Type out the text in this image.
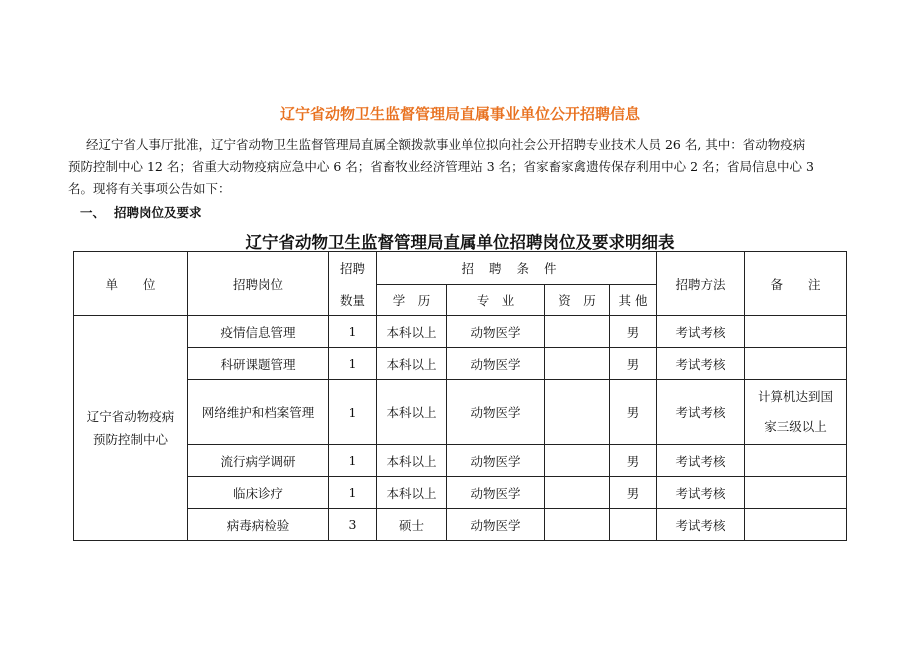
辽宁省动物卫生监督管理局直属事业单位公开招聘信息
经辽宁省人事厅批准，辽宁省动物卫生监督管理局直属全额拨款事业单位拟向社会公开招聘专业技术人员 26 名, 其中：省动物疫病
预防控制中心 12 名；省重大动物疫病应急中心 6 名；省畜牧业经济管理站 3 名；省家畜家禽遗传保存利用中心 2 名；省局信息中心 3
名。现将有关事项公告如下：
一、 招聘岗位及要求
辽宁省动物卫生监督管理局直属单位招聘岗位及要求明细表
单　　位	招聘岗位	招聘	招聘条件				招聘方法	备　　注
		数量	学　历	专　业	资　历	其 他		

辽宁省动物疫病
预防控制中心	疫情信息管理	1	本科以上	动物医学		男	考试考核	
	科研课题管理	1	本科以上	动物医学		男	考试考核	
	网络维护和档案管理	1	本科以上	动物医学		男	考试考核	计算机达到国
家三级以上

	流行病学调研	1	本科以上	动物医学		男	考试考核	
	临床诊疗	1	本科以上	动物医学		男	考试考核	
	病毒病检验	3	硕士	动物医学			考试考核	
